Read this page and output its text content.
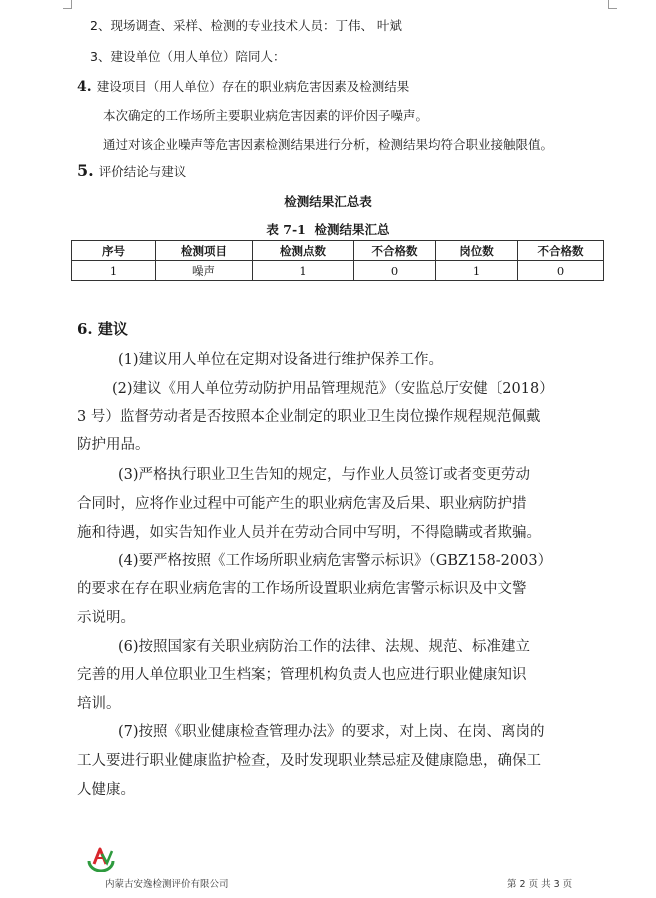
2、现场调查、采样、检测的专业技术人员：丁伟、 叶斌
3、建设单位（用人单位）陪同人：
4. 建设项目（用人单位）存在的职业病危害因素及检测结果
本次确定的工作场所主要职业病危害因素的评价因子噪声。
通过对该企业噪声等危害因素检测结果进行分析，检测结果均符合职业接触限值。
5. 评价结论与建议
检测结果汇总表
表 7-1  检测结果汇总
序号	检测项目	检测点数	不合格数	岗位数	不合格数
1	噪声	1	0	1	0
6. 建议
(1)建议用人单位在定期对设备进行维护保养工作。
(2)建议《用人单位劳动防护用品管理规范》（安监总厅安健〔2018）
3 号）监督劳动者是否按照本企业制定的职业卫生岗位操作规程规范佩戴
防护用品。
(3)严格执行职业卫生告知的规定，与作业人员签订或者变更劳动
合同时，应将作业过程中可能产生的职业病危害及后果、职业病防护措
施和待遇，如实告知作业人员并在劳动合同中写明，不得隐瞒或者欺骗。
(4)要严格按照《工作场所职业病危害警示标识》（GBZ158-2003）
的要求在存在职业病危害的工作场所设置职业病危害警示标识及中文警
示说明。
(6)按照国家有关职业病防治工作的法律、法规、规范、标准建立
完善的用人单位职业卫生档案；管理机构负责人也应进行职业健康知识
培训。
(7)按照《职业健康检查管理办法》的要求，对上岗、在岗、离岗的
工人要进行职业健康监护检查，及时发现职业禁忌症及健康隐患，确保工
人健康。
内蒙古安逸检测评价有限公司	第 2 页 共 3 页
